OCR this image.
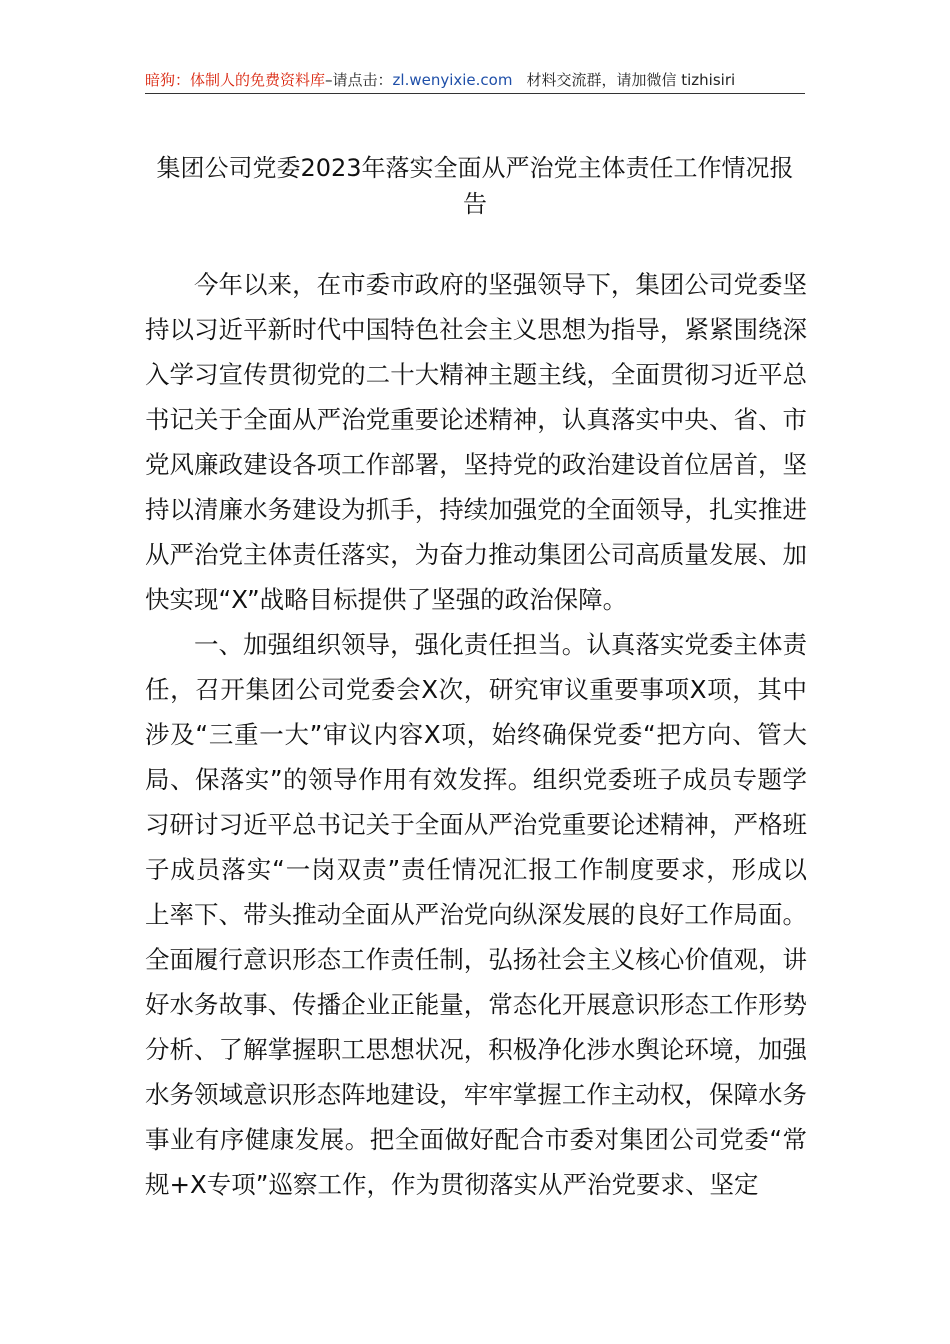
暗狗：体制人的免费资料库–请点击：zl.wenyixie.com 材料交流群，请加微信 tizhisiri
集团公司党委2023年落实全面从严治党主体责任工作情况报告

今年以来，在市委市政府的坚强领导下，集团公司党委坚持以习近平新时代中国特色社会主义思想为指导，紧紧围绕深入学习宣传贯彻党的二十大精神主题主线，全面贯彻习近平总书记关于全面从严治党重要论述精神，认真落实中央、省、市党风廉政建设各项工作部署，坚持党的政治建设首位居首，坚持以清廉水务建设为抓手，持续加强党的全面领导，扎实推进从严治党主体责任落实，为奋力推动集团公司高质量发展、加快实现“X”战略目标提供了坚强的政治保障。

一、加强组织领导，强化责任担当。认真落实党委主体责任，召开集团公司党委会X次，研究审议重要事项X项，其中涉及“三重一大”审议内容X项，始终确保党委“把方向、管大局、保落实”的领导作用有效发挥。组织党委班子成员专题学习研讨习近平总书记关于全面从严治党重要论述精神，严格班子成员落实“一岗双责”责任情况汇报工作制度要求，形成以上率下、带头推动全面从严治党向纵深发展的良好工作局面。全面履行意识形态工作责任制，弘扬社会主义核心价值观，讲好水务故事、传播企业正能量，常态化开展意识形态工作形势分析、了解掌握职工思想状况，积极净化涉水舆论环境，加强水务领域意识形态阵地建设，牢牢掌握工作主动权，保障水务事业有序健康发展。把全面做好配合市委对集团公司党委“常规+X专项”巡察工作，作为贯彻落实从严治党要求、坚定
